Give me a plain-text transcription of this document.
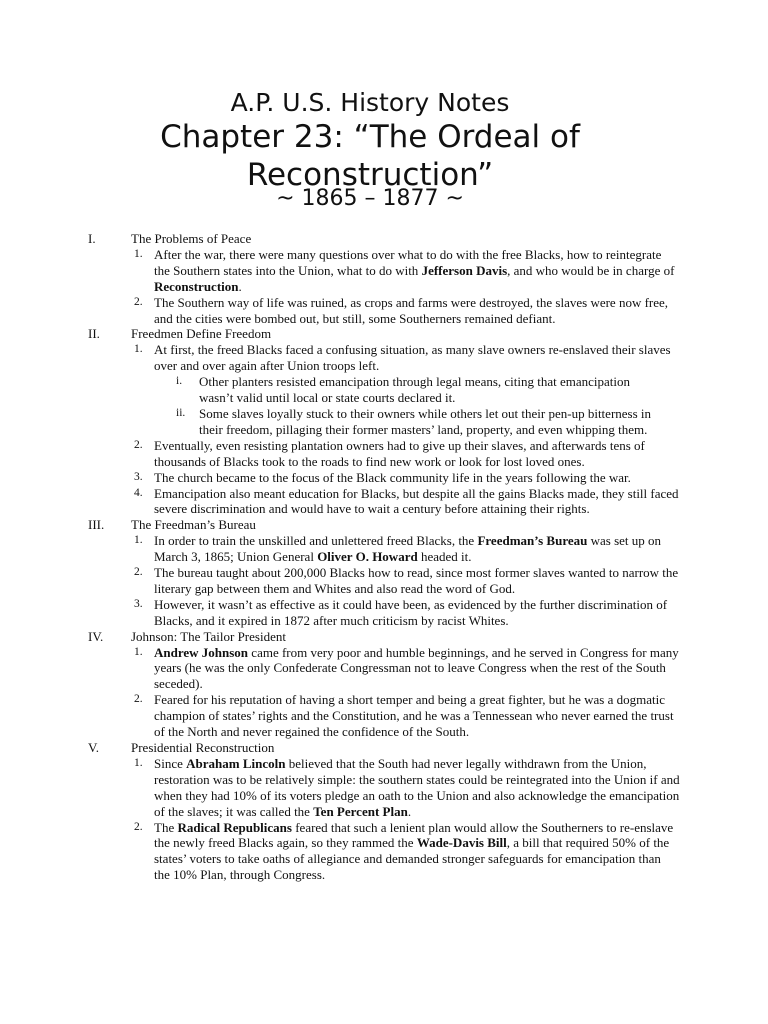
A.P. U.S. History Notes
Chapter 23: “The Ordeal of
Reconstruction”
~ 1865 – 1877 ~
I.	The Problems of Peace
1. After the war, there were many questions over what to do with the free Blacks, how to reintegrate the Southern states into the Union, what to do with Jefferson Davis, and who would be in charge of Reconstruction.
2. The Southern way of life was ruined, as crops and farms were destroyed, the slaves were now free, and the cities were bombed out, but still, some Southerners remained defiant.
II. Freedmen Define Freedom
1. At first, the freed Blacks faced a confusing situation, as many slave owners re-enslaved their slaves over and over again after Union troops left.
i. Other planters resisted emancipation through legal means, citing that emancipation wasn’t valid until local or state courts declared it.
ii. Some slaves loyally stuck to their owners while others let out their pen-up bitterness in their freedom, pillaging their former masters’ land, property, and even whipping them.
2. Eventually, even resisting plantation owners had to give up their slaves, and afterwards tens of thousands of Blacks took to the roads to find new work or look for lost loved ones.
3. The church became to the focus of the Black community life in the years following the war.
4. Emancipation also meant education for Blacks, but despite all the gains Blacks made, they still faced severe discrimination and would have to wait a century before attaining their rights.
III. The Freedman’s Bureau
1. In order to train the unskilled and unlettered freed Blacks, the Freedman’s Bureau was set up on March 3, 1865; Union General Oliver O. Howard headed it.
2. The bureau taught about 200,000 Blacks how to read, since most former slaves wanted to narrow the literary gap between them and Whites and also read the word of God.
3. However, it wasn’t as effective as it could have been, as evidenced by the further discrimination of Blacks, and it expired in 1872 after much criticism by racist Whites.
IV. Johnson: The Tailor President
1. Andrew Johnson came from very poor and humble beginnings, and he served in Congress for many years (he was the only Confederate Congressman not to leave Congress when the rest of the South seceded).
2. Feared for his reputation of having a short temper and being a great fighter, but he was a dogmatic champion of states’ rights and the Constitution, and he was a Tennessean who never earned the trust of the North and never regained the confidence of the South.
V. Presidential Reconstruction
1. Since Abraham Lincoln believed that the South had never legally withdrawn from the Union, restoration was to be relatively simple: the southern states could be reintegrated into the Union if and when they had 10% of its voters pledge an oath to the Union and also acknowledge the emancipation of the slaves; it was called the Ten Percent Plan.
2. The Radical Republicans feared that such a lenient plan would allow the Southerners to re-enslave the newly freed Blacks again, so they rammed the Wade-Davis Bill, a bill that required 50% of the states’ voters to take oaths of allegiance and demanded stronger safeguards for emancipation than the 10% Plan, through Congress.
